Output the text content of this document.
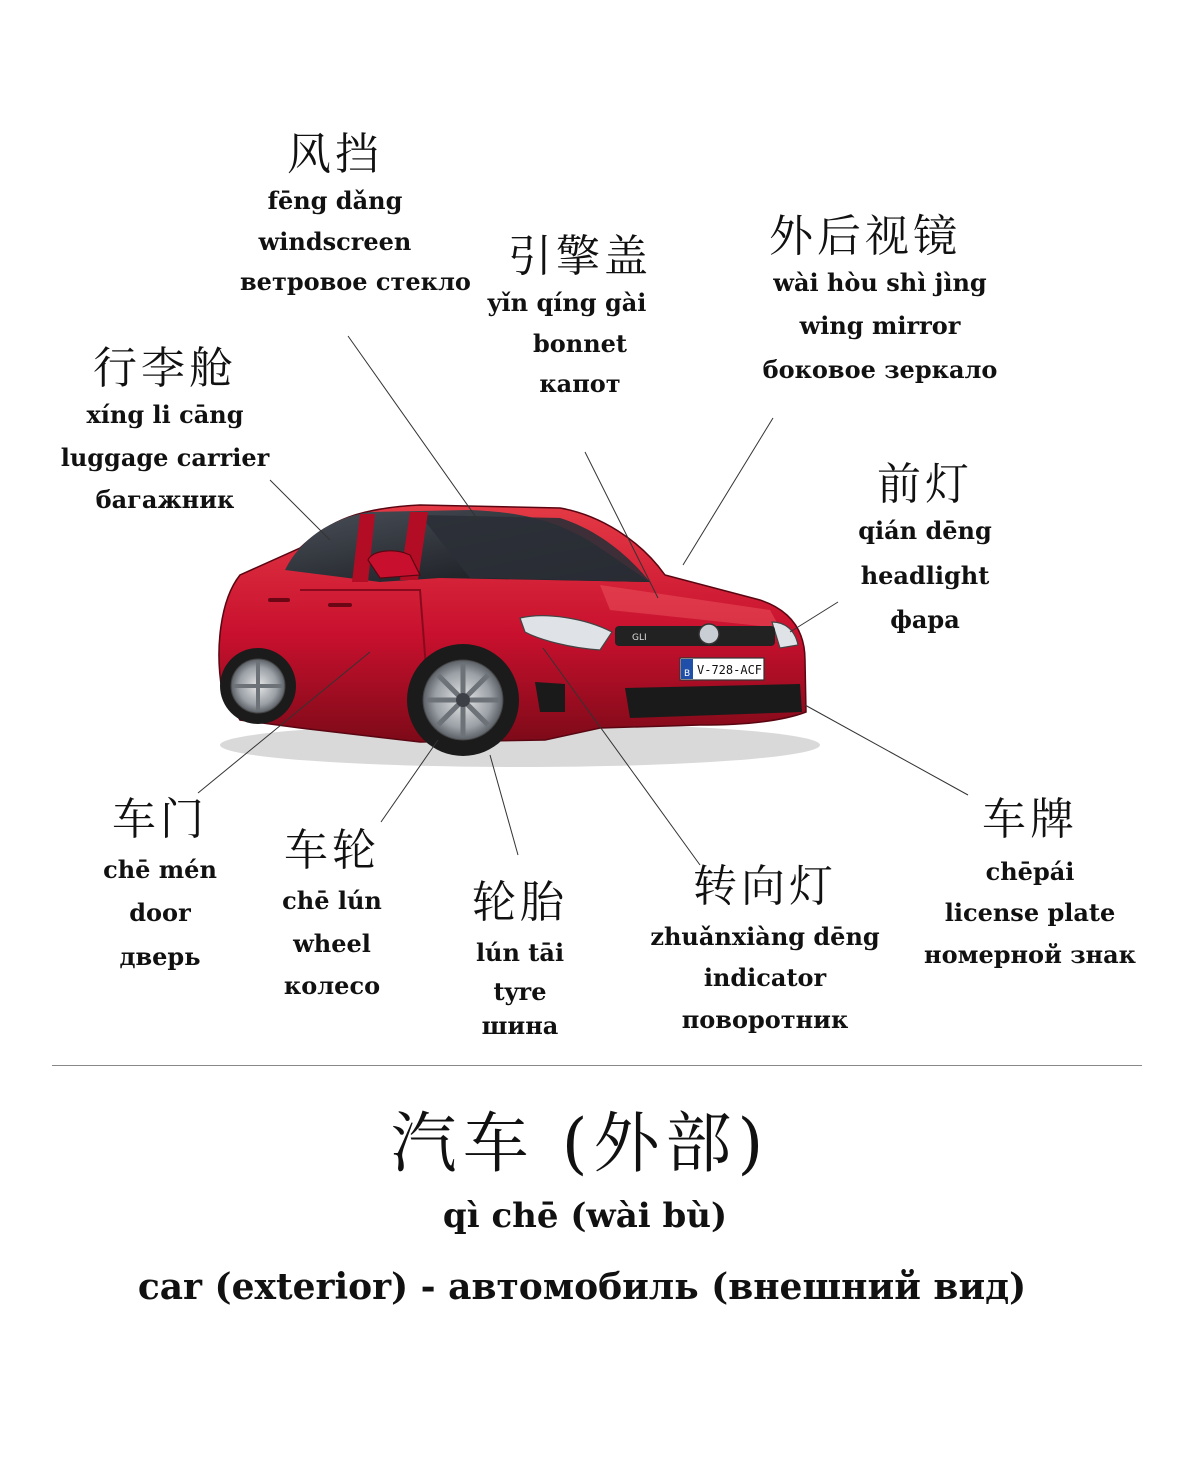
GLI
B V-728-ACF
风挡
fēng dǎng
windscreen
ветровое стекло 引擎盖
yǐn qíng gài
bonnet
капот
外后视镜
wài hòu shì jìng
wing mirror
боковое зеркало
行李舱
xíng li cāng
luggage carrier
багажник	前灯
qián dēng
headlight
фара
车门
chē mén
door
дверь
车轮
chē lún
wheel
колесо
轮胎
lún tāi
tyre
шина
转向灯
zhuǎnxiàng dēng
indicator
поворотник
车牌
chēpái
license plate
номерной знак
汽车 (外部)
qì chē (wài bù)
car (exterior) - автомобиль (внешний вид)
